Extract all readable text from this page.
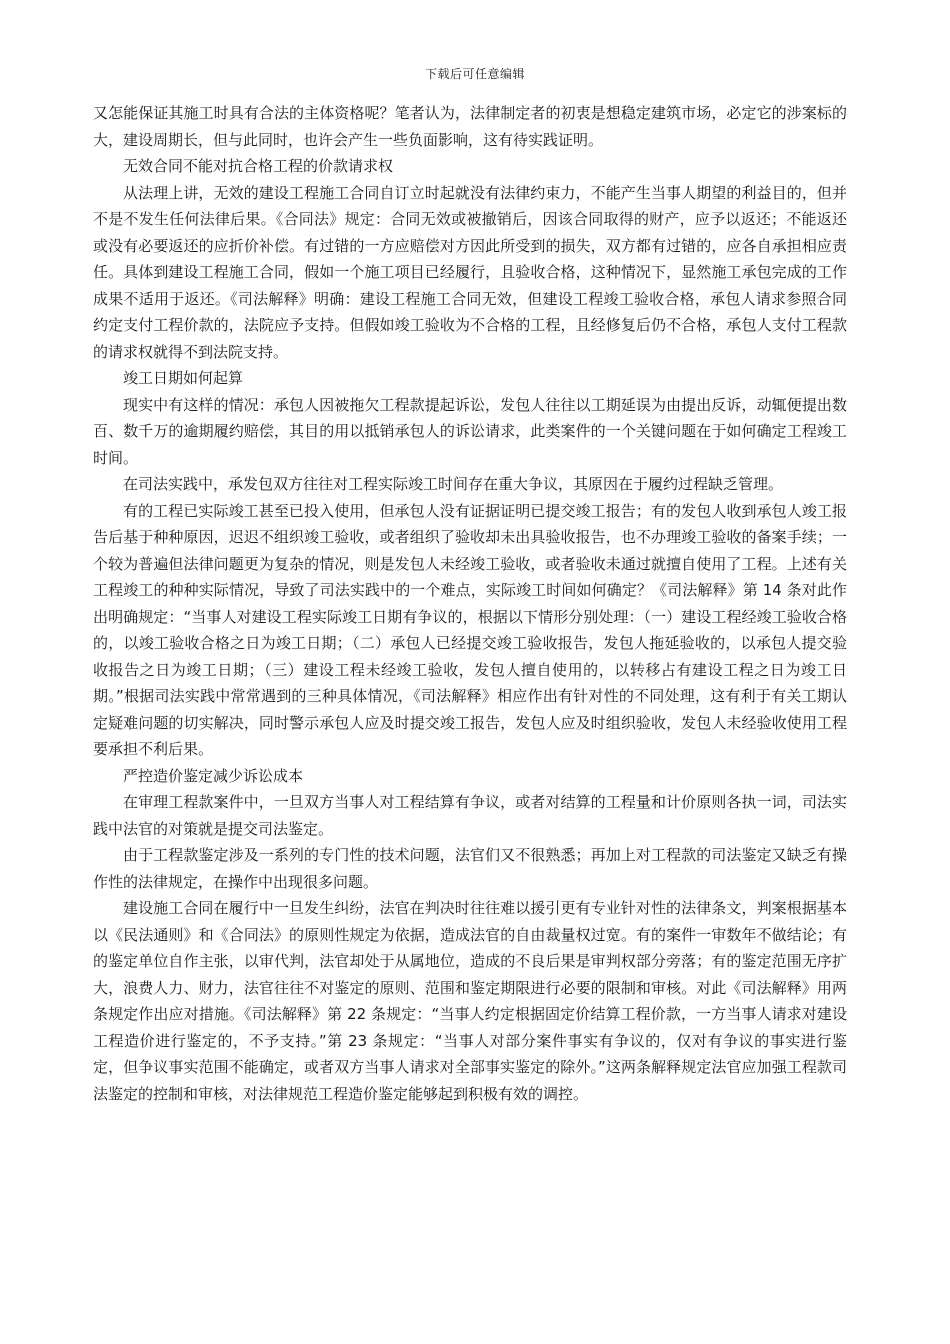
下载后可任意编辑

又怎能保证其施工时具有合法的主体资格呢？笔者认为，法律制定者的初衷是想稳定建筑市场，必定它的涉案标的大，建设周期长，但与此同时，也许会产生一些负面影响，这有待实践证明。

无效合同不能对抗合格工程的价款请求权

从法理上讲，无效的建设工程施工合同自订立时起就没有法律约束力，不能产生当事人期望的利益目的，但并不是不发生任何法律后果。《合同法》规定：合同无效或被撤销后，因该合同取得的财产，应予以返还；不能返还或没有必要返还的应折价补偿。有过错的一方应赔偿对方因此所受到的损失，双方都有过错的，应各自承担相应责任。具体到建设工程施工合同，假如一个施工项目已经履行，且验收合格，这种情况下，显然施工承包完成的工作成果不适用于返还。《司法解释》明确：建设工程施工合同无效，但建设工程竣工验收合格，承包人请求参照合同约定支付工程价款的，法院应予支持。但假如竣工验收为不合格的工程，且经修复后仍不合格，承包人支付工程款的请求权就得不到法院支持。

竣工日期如何起算

现实中有这样的情况：承包人因被拖欠工程款提起诉讼，发包人往往以工期延误为由提出反诉，动辄便提出数百、数千万的逾期履约赔偿，其目的用以抵销承包人的诉讼请求，此类案件的一个关键问题在于如何确定工程竣工时间。

在司法实践中，承发包双方往往对工程实际竣工时间存在重大争议，其原因在于履约过程缺乏管理。

有的工程已实际竣工甚至已投入使用，但承包人没有证据证明已提交竣工报告；有的发包人收到承包人竣工报告后基于种种原因，迟迟不组织竣工验收，或者组织了验收却未出具验收报告，也不办理竣工验收的备案手续；一个较为普遍但法律问题更为复杂的情况，则是发包人未经竣工验收，或者验收未通过就擅自使用了工程。上述有关工程竣工的种种实际情况，导致了司法实践中的一个难点，实际竣工时间如何确定？《司法解释》第 14 条对此作出明确规定：“当事人对建设工程实际竣工日期有争议的，根据以下情形分别处理：（一）建设工程经竣工验收合格的，以竣工验收合格之日为竣工日期；（二）承包人已经提交竣工验收报告，发包人拖延验收的，以承包人提交验收报告之日为竣工日期；（三）建设工程未经竣工验收，发包人擅自使用的，以转移占有建设工程之日为竣工日期。”根据司法实践中常常遇到的三种具体情况，《司法解释》相应作出有针对性的不同处理，这有利于有关工期认定疑难问题的切实解决，同时警示承包人应及时提交竣工报告，发包人应及时组织验收，发包人未经验收使用工程要承担不利后果。

严控造价鉴定减少诉讼成本

在审理工程款案件中，一旦双方当事人对工程结算有争议，或者对结算的工程量和计价原则各执一词，司法实践中法官的对策就是提交司法鉴定。

由于工程款鉴定涉及一系列的专门性的技术问题，法官们又不很熟悉；再加上对工程款的司法鉴定又缺乏有操作性的法律规定，在操作中出现很多问题。

建设施工合同在履行中一旦发生纠纷，法官在判决时往往难以援引更有专业针对性的法律条文，判案根据基本以《民法通则》和《合同法》的原则性规定为依据，造成法官的自由裁量权过宽。有的案件一审数年不做结论；有的鉴定单位自作主张，以审代判，法官却处于从属地位，造成的不良后果是审判权部分旁落；有的鉴定范围无序扩大，浪费人力、财力，法官往往不对鉴定的原则、范围和鉴定期限进行必要的限制和审核。对此《司法解释》用两条规定作出应对措施。《司法解释》第 22 条规定：“当事人约定根据固定价结算工程价款，一方当事人请求对建设工程造价进行鉴定的，不予支持。”第 23 条规定：“当事人对部分案件事实有争议的，仅对有争议的事实进行鉴定，但争议事实范围不能确定，或者双方当事人请求对全部事实鉴定的除外。”这两条解释规定法官应加强工程款司法鉴定的控制和审核，对法律规范工程造价鉴定能够起到积极有效的调控。
